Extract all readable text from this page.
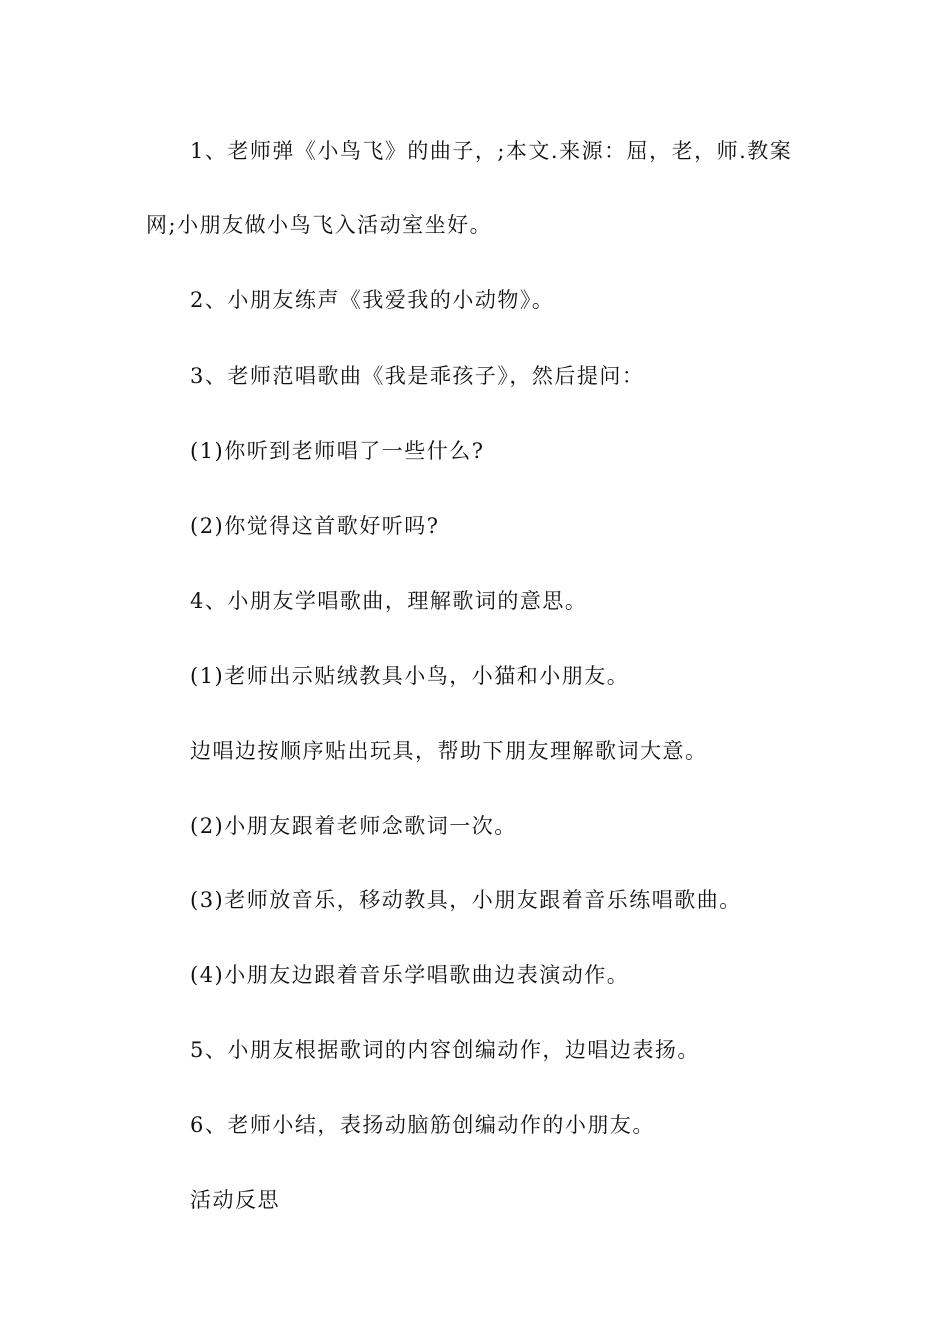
1、老师弹《小鸟飞》的曲子，;本文.来源：屈，老，师.教案
网;小朋友做小鸟飞入活动室坐好。
2、小朋友练声《我爱我的小动物》。
3、老师范唱歌曲《我是乖孩子》，然后提问：
(1)你听到老师唱了一些什么?
(2)你觉得这首歌好听吗?
4、小朋友学唱歌曲，理解歌词的意思。
(1)老师出示贴绒教具小鸟，小猫和小朋友。
边唱边按顺序贴出玩具，帮助下朋友理解歌词大意。
(2)小朋友跟着老师念歌词一次。
(3)老师放音乐，移动教具，小朋友跟着音乐练唱歌曲。
(4)小朋友边跟着音乐学唱歌曲边表演动作。
5、小朋友根据歌词的内容创编动作，边唱边表扬。
6、老师小结，表扬动脑筋创编动作的小朋友。
活动反思
